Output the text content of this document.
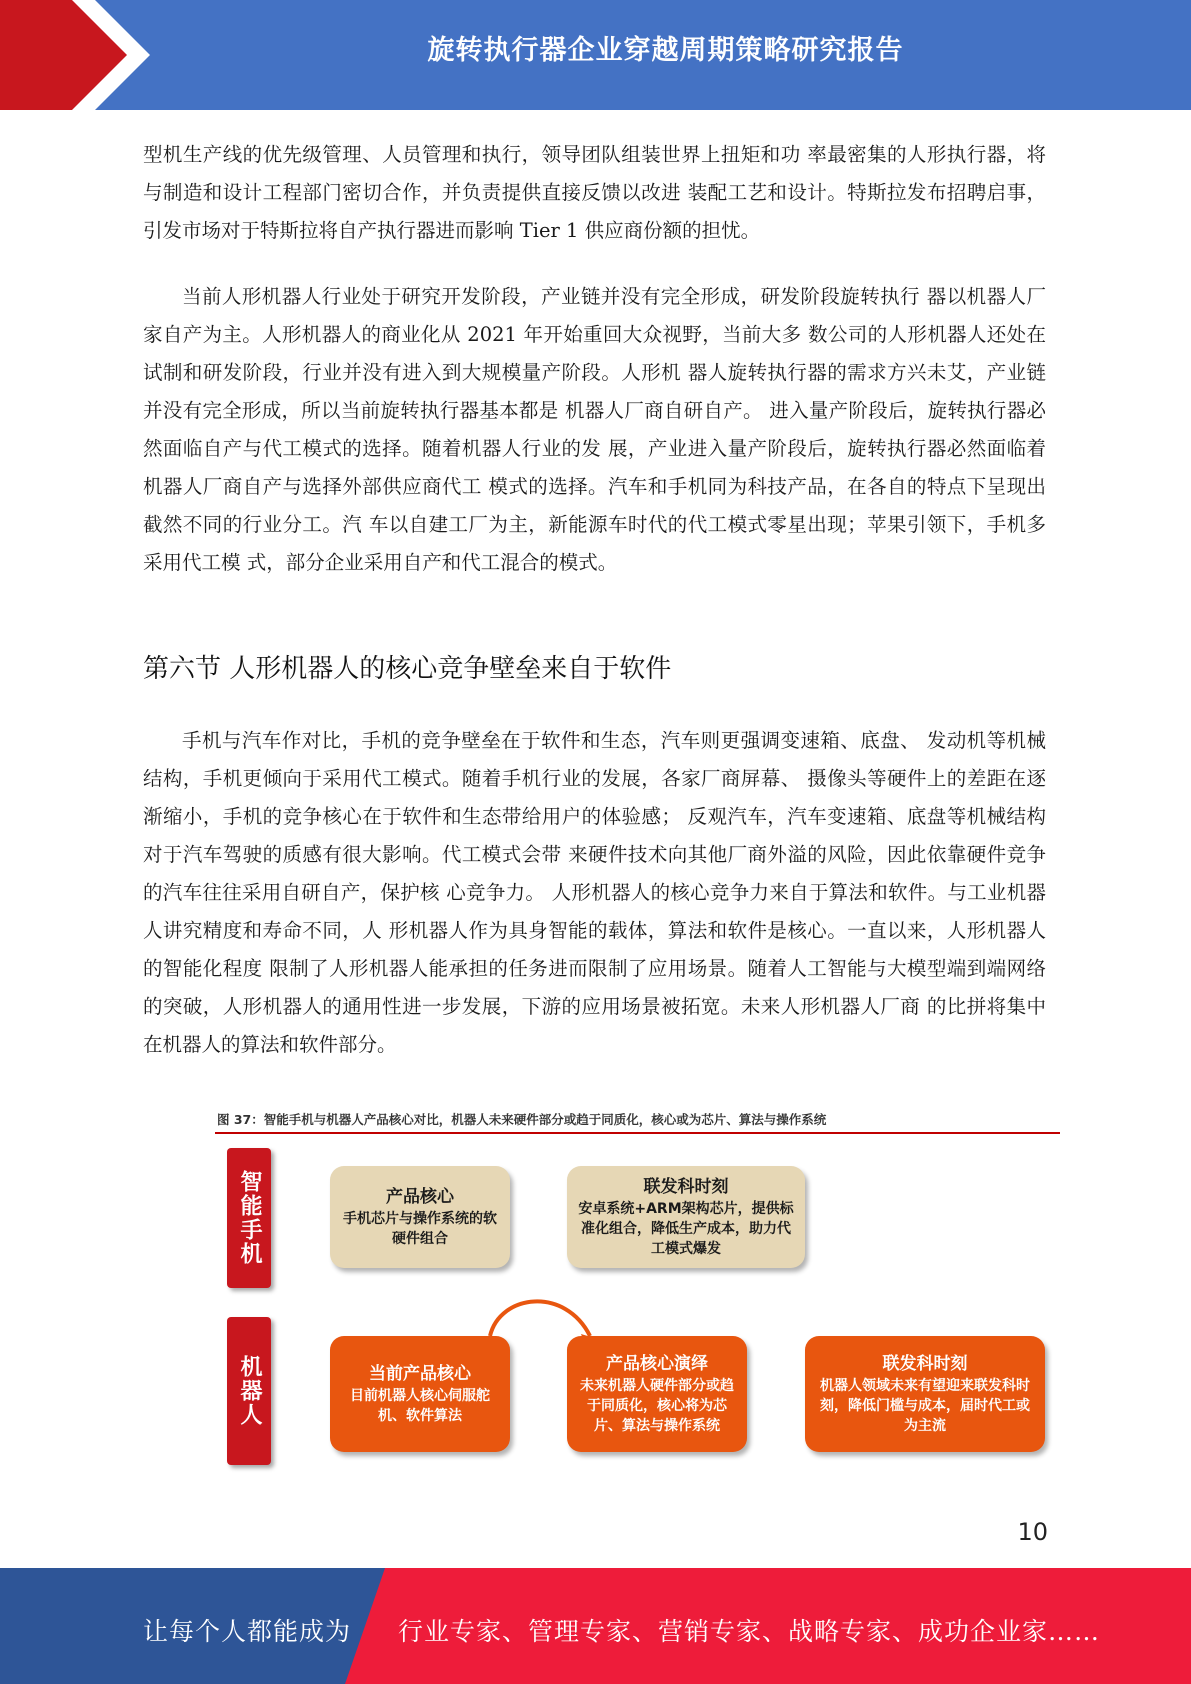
旋转执行器企业穿越周期策略研究报告

型机生产线的优先级管理、人员管理和执行，领导团队组装世界上扭矩和功 率最密集的人形执行器，将与制造和设计工程部门密切合作，并负责提供直接反馈以改进 装配工艺和设计。特斯拉发布招聘启事，引发市场对于特斯拉将自产执行器进而影响 Tier 1 供应商份额的担忧。

当前人形机器人行业处于研究开发阶段，产业链并没有完全形成，研发阶段旋转执行 器以机器人厂家自产为主。人形机器人的商业化从 2021 年开始重回大众视野，当前大多 数公司的人形机器人还处在试制和研发阶段，行业并没有进入到大规模量产阶段。人形机 器人旋转执行器的需求方兴未艾，产业链并没有完全形成，所以当前旋转执行器基本都是 机器人厂商自研自产。 进入量产阶段后，旋转执行器必然面临自产与代工模式的选择。随着机器人行业的发 展，产业进入量产阶段后，旋转执行器必然面临着机器人厂商自产与选择外部供应商代工 模式的选择。汽车和手机同为科技产品，在各自的特点下呈现出截然不同的行业分工。汽 车以自建工厂为主，新能源车时代的代工模式零星出现；苹果引领下，手机多采用代工模 式，部分企业采用自产和代工混合的模式。

第六节 人形机器人的核心竞争壁垒来自于软件

手机与汽车作对比，手机的竞争壁垒在于软件和生态，汽车则更强调变速箱、底盘、 发动机等机械结构，手机更倾向于采用代工模式。随着手机行业的发展，各家厂商屏幕、 摄像头等硬件上的差距在逐渐缩小，手机的竞争核心在于软件和生态带给用户的体验感； 反观汽车，汽车变速箱、底盘等机械结构对于汽车驾驶的质感有很大影响。代工模式会带 来硬件技术向其他厂商外溢的风险，因此依靠硬件竞争的汽车往往采用自研自产，保护核 心竞争力。 人形机器人的核心竞争力来自于算法和软件。与工业机器人讲究精度和寿命不同，人 形机器人作为具身智能的载体，算法和软件是核心。一直以来，人形机器人的智能化程度 限制了人形机器人能承担的任务进而限制了应用场景。随着人工智能与大模型端到端网络 的突破，人形机器人的通用性进一步发展，下游的应用场景被拓宽。未来人形机器人厂商 的比拼将集中在机器人的算法和软件部分。

图 37：智能手机与机器人产品核心对比，机器人未来硬件部分或趋于同质化，核心或为芯片、算法与操作系统
智能手机	产品核心
手机芯片与操作系统的软硬件组合
联发科时刻
安卓系统+ARM架构芯片，提供标准化组合，降低生产成本，助力代工模式爆发
机器人	当前产品核心
目前机器人核心伺服舵机、软件算法
产品核心演绎
未来机器人硬件部分或趋于同质化，核心将为芯片、算法与操作系统
联发科时刻
机器人领域未来有望迎来联发科时刻，降低门槛与成本，届时代工或为主流
10
让每个人都能成为 行业专家、管理专家、营销专家、战略专家、成功企业家……
